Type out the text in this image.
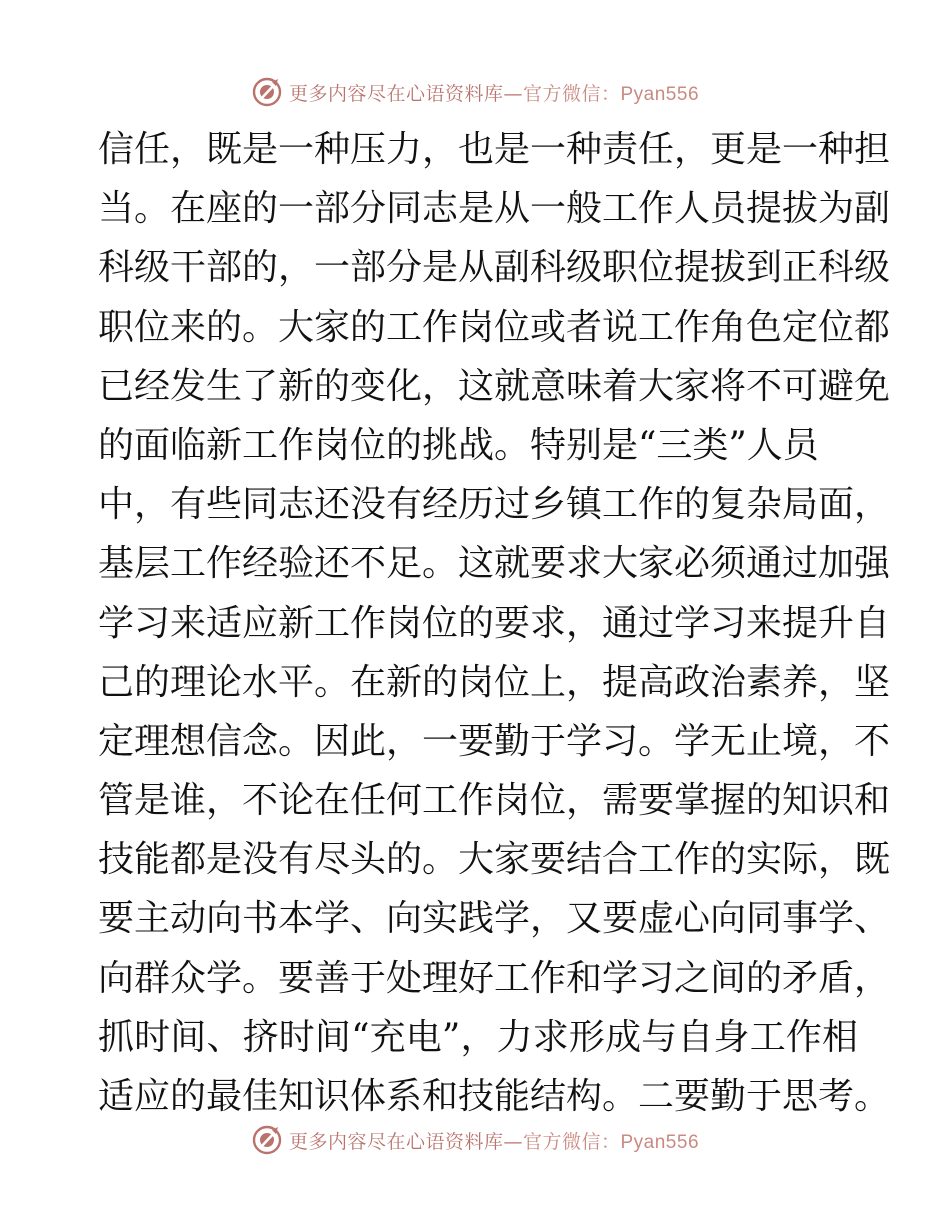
更多内容尽在心语资料库—官方微信：Pyan556
信任，既是一种压力，也是一种责任，更是一种担
当。在座的一部分同志是从一般工作人员提拔为副
科级干部的，一部分是从副科级职位提拔到正科级
职位来的。大家的工作岗位或者说工作角色定位都
已经发生了新的变化，这就意味着大家将不可避免
的面临新工作岗位的挑战。特别是“三类”人员
中，有些同志还没有经历过乡镇工作的复杂局面，
基层工作经验还不足。这就要求大家必须通过加强
学习来适应新工作岗位的要求，通过学习来提升自
己的理论水平。在新的岗位上，提高政治素养，坚
定理想信念。因此，一要勤于学习。学无止境，不
管是谁，不论在任何工作岗位，需要掌握的知识和
技能都是没有尽头的。大家要结合工作的实际，既
要主动向书本学、向实践学，又要虚心向同事学、
向群众学。要善于处理好工作和学习之间的矛盾，
抓时间、挤时间“充电”，力求形成与自身工作相
适应的最佳知识体系和技能结构。二要勤于思考。
更多内容尽在心语资料库—官方微信：Pyan556
